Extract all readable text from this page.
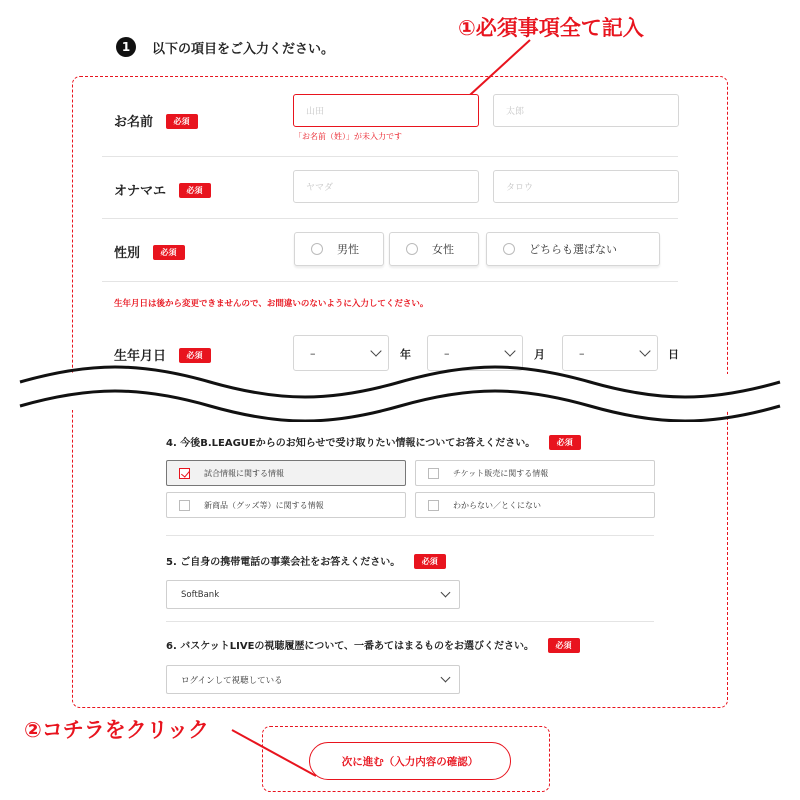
①必須事項全て記入
②コチラをクリック
1	以下の項目をご入力ください。
お名前	必須
山田	太郎
「お名前（姓）」が未入力です
オナマエ	必須	ヤマダ	タロウ
性別	必須	男性	女性	どちらも選ばない
生年月日は後から変更できませんので、お間違いのないように入力してください。
生年月日	必須	–	年	–	月	–	日
4. 今後B.LEAGUEからのお知らせで受け取りたい情報についてお答えください。	必須
試合情報に関する情報	チケット販売に関する情報
新商品（グッズ等）に関する情報	わからない／とくにない
5. ご自身の携帯電話の事業会社をお答えください。	必須
SoftBank
6. バスケットLIVEの視聴履歴について、一番あてはまるものをお選びください。	必須
ログインして視聴している
次に進む（入力内容の確認）
